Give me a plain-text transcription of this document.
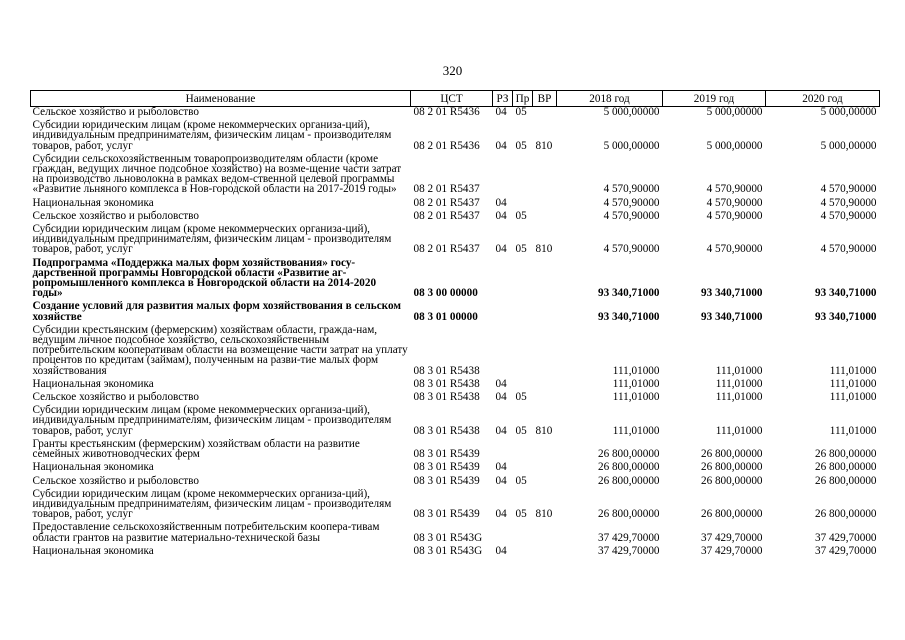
320
Наименование	ЦСТ	РЗ	Пр	ВР	2018 год	2019 год	2020 год
Сельское хозяйство и рыболовство	08 2 01 R5436	04	05		5 000,00000	5 000,00000	5 000,00000
Субсидии юридическим лицам (кроме некоммерческих организа-ций), индивидуальным предпринимателям, физическим лицам - производителям товаров, работ, услуг	08 2 01 R5436	04	05	810	5 000,00000	5 000,00000	5 000,00000
Субсидии сельскохозяйственным товаропроизводителям области (кроме граждан, ведущих личное подсобное хозяйство) на возме-щение части затрат на производство льноволокна в рамках ведом-ственной целевой программы «Развитие льняного комплекса в Нов-городской области на 2017-2019 годы»	08 2 01 R5437				4 570,90000	4 570,90000	4 570,90000
Национальная экономика	08 2 01 R5437	04			4 570,90000	4 570,90000	4 570,90000
Сельское хозяйство и рыболовство	08 2 01 R5437	04	05		4 570,90000	4 570,90000	4 570,90000
Субсидии юридическим лицам (кроме некоммерческих организа-ций), индивидуальным предпринимателям, физическим лицам - производителям товаров, работ, услуг	08 2 01 R5437	04	05	810	4 570,90000	4 570,90000	4 570,90000
Подпрограмма «Поддержка малых форм хозяйствования» госу-дарственной программы Новгородской области «Развитие аг-ропромышленного комплекса в Новгородской области на 2014-2020 годы»	08 3 00 00000				93 340,71000	93 340,71000	93 340,71000
Создание условий для развития малых форм хозяйствования в сельском хозяйстве	08 3 01 00000				93 340,71000	93 340,71000	93 340,71000
Субсидии крестьянским (фермерским) хозяйствам области, гражда-нам, ведущим личное подсобное хозяйство, сельскохозяйственным потребительским кооперативам области на возмещение части затрат на уплату процентов по кредитам (займам), полученным на разви-тие малых форм хозяйствования	08 3 01 R5438				111,01000	111,01000	111,01000
Национальная экономика	08 3 01 R5438	04			111,01000	111,01000	111,01000
Сельское хозяйство и рыболовство	08 3 01 R5438	04	05		111,01000	111,01000	111,01000
Субсидии юридическим лицам (кроме некоммерческих организа-ций), индивидуальным предпринимателям, физическим лицам - производителям товаров, работ, услуг	08 3 01 R5438	04	05	810	111,01000	111,01000	111,01000
Гранты крестьянским (фермерским) хозяйствам области на развитие семейных животноводческих ферм	08 3 01 R5439				26 800,00000	26 800,00000	26 800,00000
Национальная экономика	08 3 01 R5439	04			26 800,00000	26 800,00000	26 800,00000
Сельское хозяйство и рыболовство	08 3 01 R5439	04	05		26 800,00000	26 800,00000	26 800,00000
Субсидии юридическим лицам (кроме некоммерческих организа-ций), индивидуальным предпринимателям, физическим лицам - производителям товаров, работ, услуг	08 3 01 R5439	04	05	810	26 800,00000	26 800,00000	26 800,00000
Предоставление сельскохозяйственным потребительским коопера-тивам области грантов на развитие материально-технической базы	08 3 01 R543G				37 429,70000	37 429,70000	37 429,70000
Национальная экономика	08 3 01 R543G	04			37 429,70000	37 429,70000	37 429,70000
